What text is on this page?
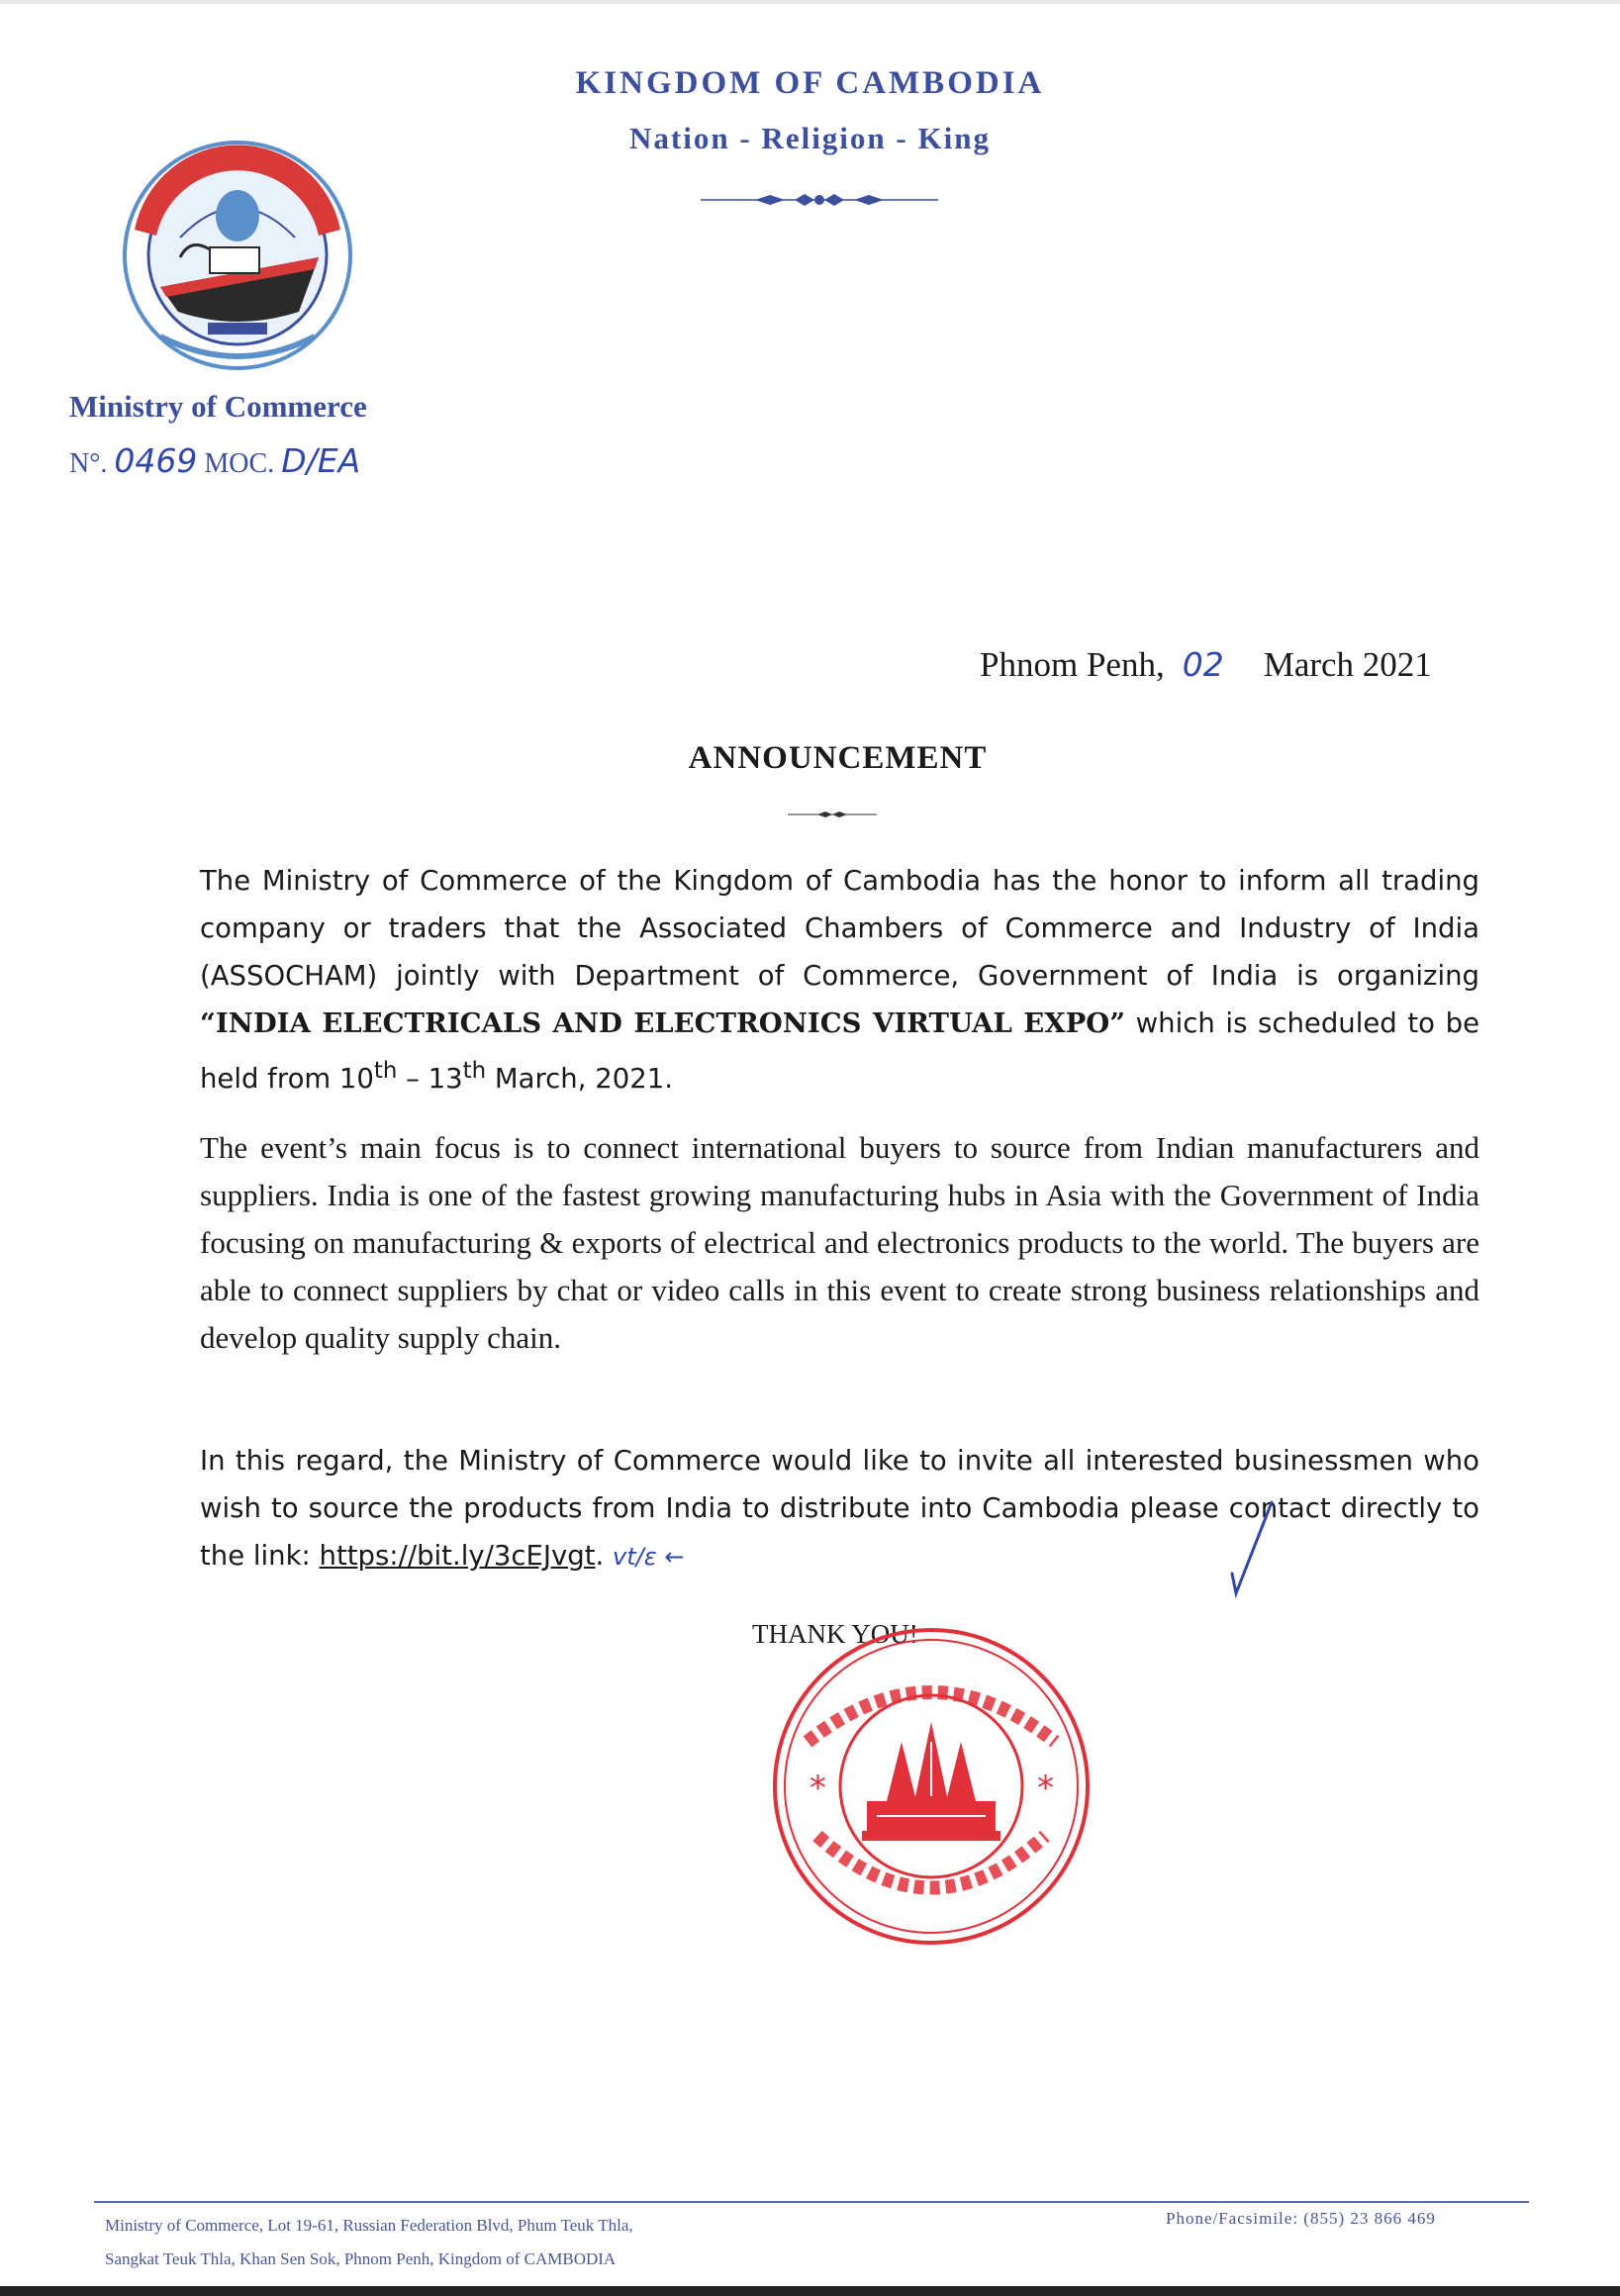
KINGDOM OF CAMBODIA
Nation - Religion - King
Ministry of Commerce
N°. 0469 MOC. D/EA
Phnom Penh, 02 March 2021
ANNOUNCEMENT
The Ministry of Commerce of the Kingdom of Cambodia has the honor to inform all trading company or traders that the Associated Chambers of Commerce and Industry of India (ASSOCHAM) jointly with Department of Commerce, Government of India is organizing “INDIA ELECTRICALS AND ELECTRONICS VIRTUAL EXPO” which is scheduled to be held from 10th – 13th March, 2021.
The event’s main focus is to connect international buyers to source from Indian manufacturers and suppliers. India is one of the fastest growing manufacturing hubs in Asia with the Government of India focusing on manufacturing & exports of electrical and electronics products to the world. The buyers are able to connect suppliers by chat or video calls in this event to create strong business relationships and develop quality supply chain.
In this regard, the Ministry of Commerce would like to invite all interested businessmen who wish to source the products from India to distribute into Cambodia please contact directly to the link: https://bit.ly/3cEJvgt. vt/ε ←
THANK YOU!
*	*
Ministry of Commerce, Lot 19-61, Russian Federation Blvd, Phum Teuk Thla,
Sangkat Teuk Thla, Khan Sen Sok, Phnom Penh, Kingdom of CAMBODIA
Phone/Facsimile: (855) 23 866 469
